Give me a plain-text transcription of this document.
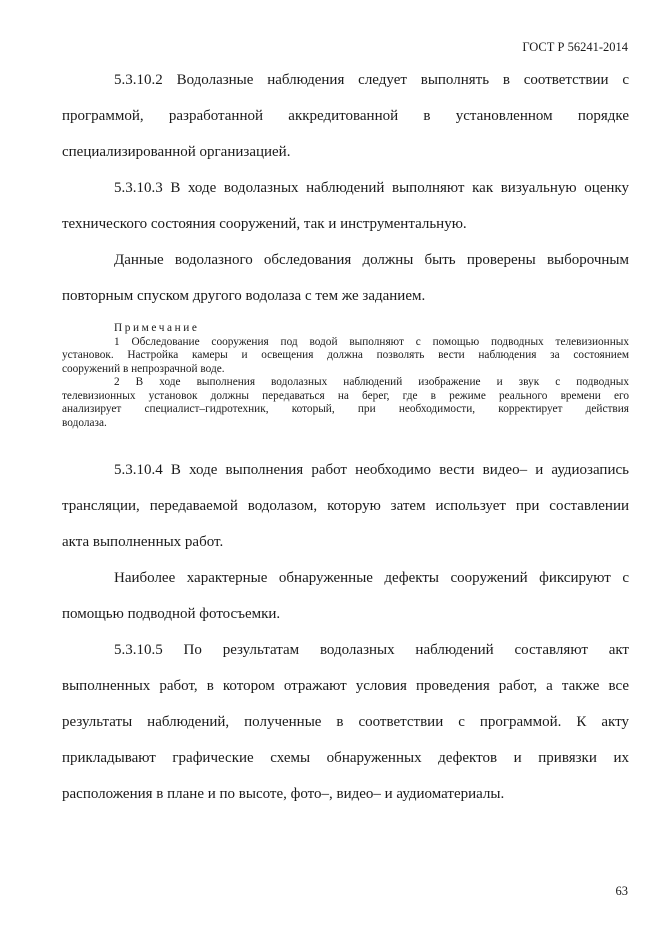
ГОСТ Р 56241-2014
5.3.10.2 Водолазные наблюдения следует выполнять в соответствии с
программой, разработанной аккредитованной в установленном порядке
специализированной организацией.
5.3.10.3 В ходе водолазных наблюдений выполняют как визуальную оценку
технического состояния сооружений, так и инструментальную.
Данные водолазного обследования должны быть проверены выборочным
повторным спуском другого водолаза с тем же заданием.
Примечание
1 Обследование сооружения под водой выполняют с помощью подводных телевизионных
установок. Настройка камеры и освещения должна позволять вести наблюдения за состоянием
сооружений в непрозрачной воде.
2 В ходе выполнения водолазных наблюдений изображение и звук с подводных
телевизионных установок должны передаваться на берег, где в режиме реального времени его
анализирует специалист–гидротехник, который, при необходимости, корректирует действия
водолаза.
5.3.10.4 В ходе выполнения работ необходимо вести видео– и аудиозапись
трансляции, передаваемой водолазом, которую затем использует при составлении
акта выполненных работ.
Наиболее характерные обнаруженные дефекты сооружений фиксируют с
помощью подводной фотосъемки.
5.3.10.5 По результатам водолазных наблюдений составляют акт
выполненных работ, в котором отражают условия проведения работ, а также все
результаты наблюдений, полученные в соответствии с программой. К акту
прикладывают графические схемы обнаруженных дефектов и привязки их
расположения в плане и по высоте, фото–, видео– и аудиоматериалы.
63
